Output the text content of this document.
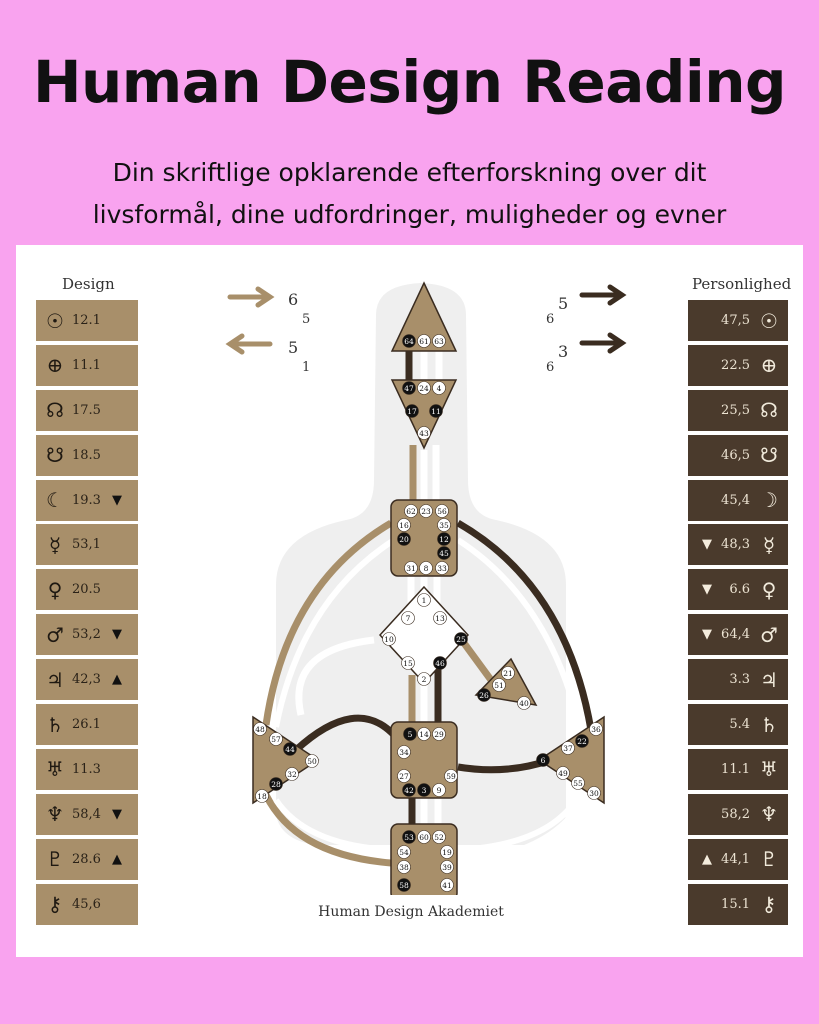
Human Design Reading
Din skriftlige opklarende efterforskning over dit
livsformål, dine udfordringer, muligheder og evner
Design	Personlighed
☉ 12.1
⊕ 11.1
☊ 17.5
☋ 18.5
☾ 19.3 ▼
☿ 53,1
♀ 20.5
♂ 53,2 ▼
♃ 42,3 ▲
♄ 26.1
♅ 11.3
♆ 58,4 ▼
♇ 28.6 ▲
⚷ 45,6
47,5 ☉
22.5 ⊕
25,5 ☊
46,5 ☋
45,4 ☽
▼ 48,3 ☿
▼	6.6 ♀
▼ 64,4 ♂
3.3 ♃
5.4 ♄
11.1 ♅
58,2 ♆
▲ 44,1 ♇
15.1 ⚷
6
5
5
1
6
5
6
3
64 61 63
47 24 4
17 11
43
62 23 56
16	35
20	12
45
31 8 33
1
7	13
10	25
15	46
2
21
51
26
40
5 14 29
34
27	59
42 3 9
48
57
44
50
32
28
18
36
22
37
6
49
55
30
53 60 52
54	19
38	39
58	41
Human Design Akademiet
